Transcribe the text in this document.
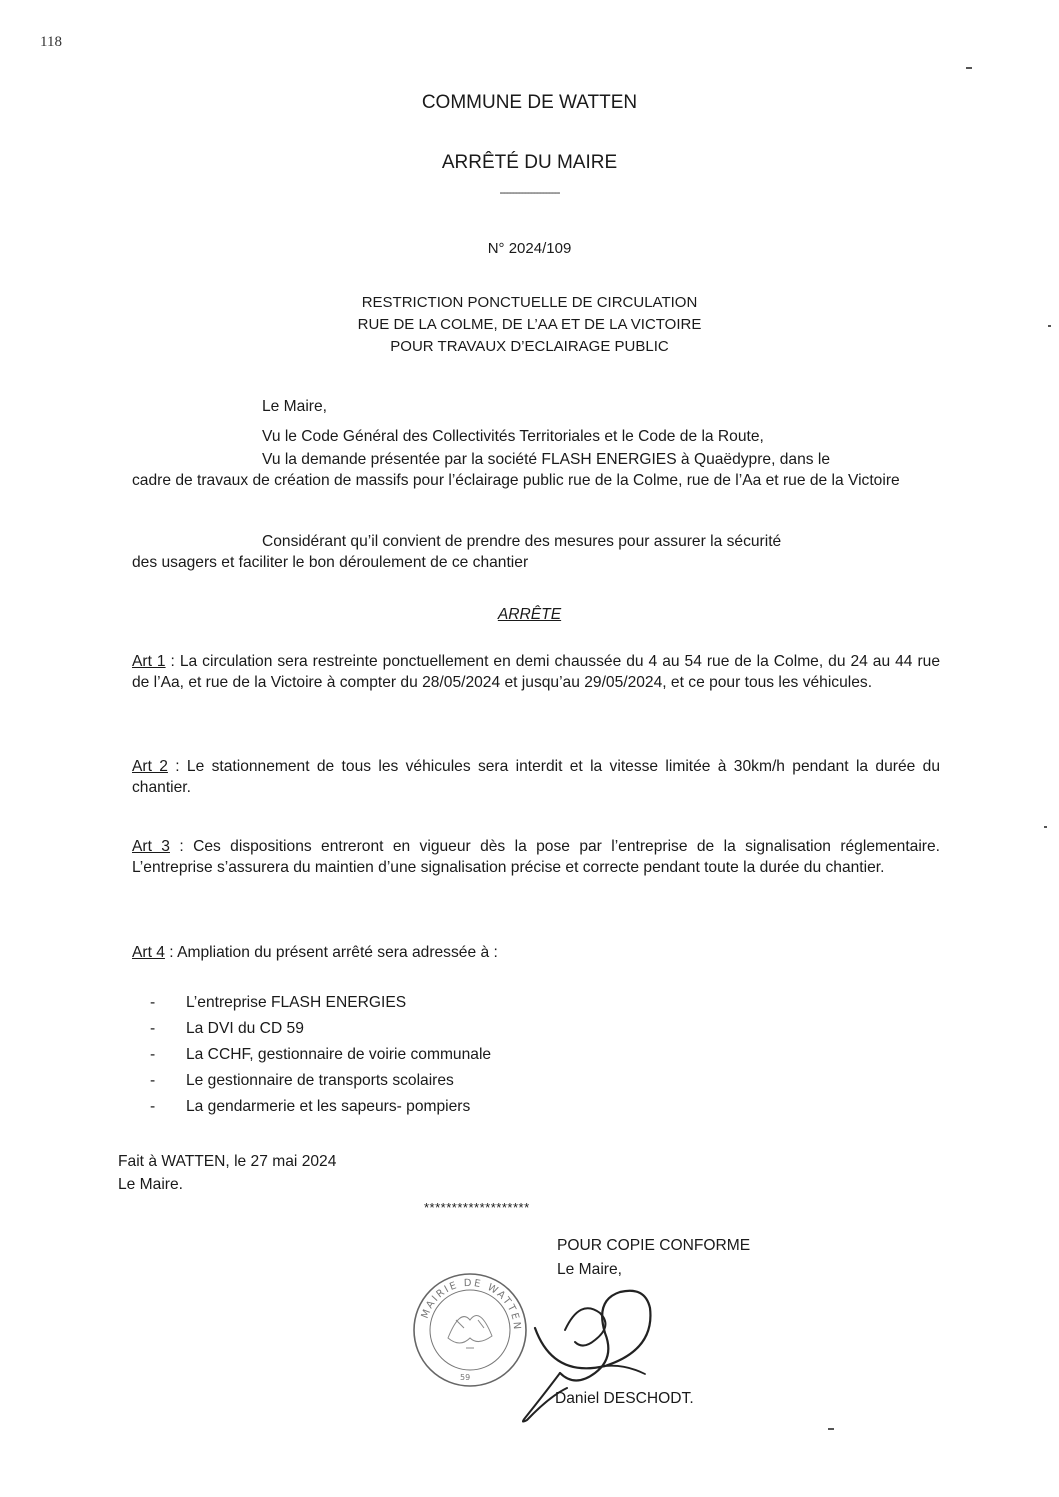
118
COMMUNE DE WATTEN
ARRÊTÉ DU MAIRE
--------------------
N° 2024/109
RESTRICTION PONCTUELLE DE CIRCULATION
RUE DE LA COLME, DE L’AA ET DE LA VICTOIRE
POUR TRAVAUX D’ECLAIRAGE PUBLIC
Le Maire,
Vu le Code Général des Collectivités Territoriales et le Code de la Route,
Vu la demande présentée par la société FLASH ENERGIES à Quaëdypre, dans le
cadre de travaux de création de massifs pour l’éclairage public rue de la Colme, rue de l’Aa et rue de la Victoire
Considérant qu’il convient de prendre des mesures pour assurer la sécurité
des usagers et faciliter le bon déroulement de ce chantier
ARRÊTE
Art 1 : La circulation sera restreinte ponctuellement en demi chaussée du 4 au 54 rue de la Colme, du 24 au 44 rue de l’Aa, et rue de la Victoire à compter du 28/05/2024 et jusqu’au 29/05/2024, et ce pour tous les véhicules.
Art 2 : Le stationnement de tous les véhicules sera interdit et la vitesse limitée à 30km/h pendant la durée du chantier.
Art 3 : Ces dispositions entreront en vigueur dès la pose par l’entreprise de la signalisation réglementaire. L’entreprise s’assurera du maintien d’une signalisation précise et correcte pendant toute la durée du chantier.
Art 4 : Ampliation du présent arrêté sera adressée à :
- L’entreprise FLASH ENERGIES
- La DVI du CD 59
- La CCHF, gestionnaire de voirie communale
- Le gestionnaire de transports scolaires
- La gendarmerie et les sapeurs- pompiers
Fait à WATTEN, le 27 mai 2024
Le Maire.
*******************
POUR COPIE CONFORME
Le Maire,
MAIRIE DE WATTEN
59
Daniel DESCHODT.
